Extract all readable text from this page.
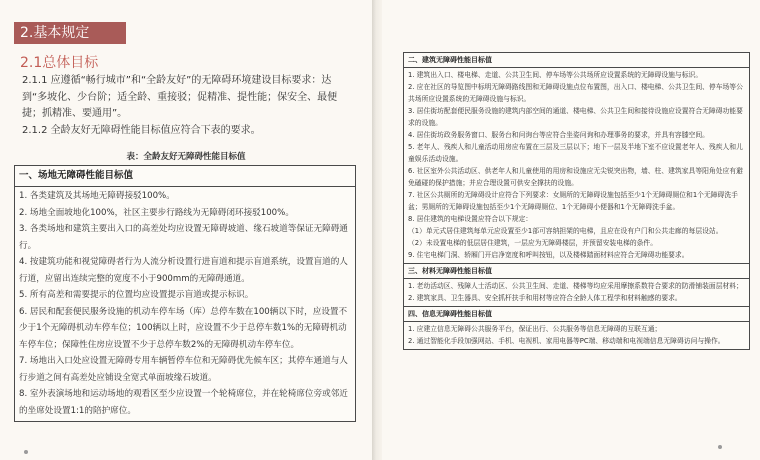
2.基本规定
2.1总体目标
2.1.1 应遵循“畅行城市”和“全龄友好”的无障碍环境建设目标要求：达到“多坡化、少台阶；适全龄、重接驳；促精准、提性能；保安全、最便捷；抓精准、要通用”。
2.1.2 全龄友好无障碍性能目标值应符合下表的要求。
表：全龄友好无障碍性能目标值
一、场地无障碍性能目标值

1. 各类建筑及其场地无障碍接驳100%。

2. 场地全面坡地化100%，社区主要步行路线为无障碍闭环接驳100%。

3. 各类场地和建筑主要出入口的高差处均应设置无障碍坡道、缘石坡道等保证无障碍通行。

4. 按建筑功能和视觉障碍者行为人流分析设置行进盲道和提示盲道系统，设置盲道的人行道，应留出连续完整的宽度不小于900mm的无障碍通道。

5. 所有高差和需要提示的位置均应设置提示盲道或提示标识。

6. 居民和配套便民服务设施的机动车停车场（库）总停车数在100辆以下时，应设置不少于1个无障碍机动车停车位；100辆以上时，应设置不少于总停车数1%的无障碍机动车停车位；保障性住房应设置不少于总停车数2%的无障碍机动车停车位。

7. 场地出入口处应设置无障碍专用车辆暂停车位和无障碍优先候车区；其停车通道与人行步道之间有高差处应铺设全宽式单面坡缘石坡道。

8. 室外表演场地和运动场地的观看区至少应设置一个轮椅席位，并在轮椅席位旁或邻近的坐席处设置1:1的陪护席位。

二、建筑无障碍性能目标值

1. 建筑出入口、楼电梯、走道、公共卫生间、停车场等公共场所应设置系统的无障碍设施与标识。

2. 应在社区的导览图中标明无障碍路线图和无障碍设施点位布置图，出入口、楼电梯、公共卫生间、停车场等公共场所应设置系统的无障碍设施与标识。

3. 居住街坊配套便民服务设施的建筑内部空间的通道、楼电梯、公共卫生间和接待设施应设置符合无障碍功能要求的设施。

4. 居住街坊政务服务窗口、服务台和问询台等应符合坐姿问询和办理事务的要求，并具有容膝空间。

5. 老年人、残疾人和儿童活动用房应布置在三层及三层以下；地下一层及半地下室不应设置老年人、残疾人和儿童娱乐活动设施。

6. 社区室外公共活动区、供老年人和儿童使用的用房和设施应无尖锐突出物，墙、柱、建筑家具等阳角处应有避免磕碰的保护措施；并应合理设置可供安全撑扶的设施。

7. 社区公共厕所的无障碍设计应符合下列要求：女厕所的无障碍设施包括至少1个无障碍厕位和1个无障碍洗手盆；男厕所的无障碍设施包括至少1个无障碍厕位、1个无障碍小便器和1个无障碍洗手盆。

8. 居住建筑的电梯设置应符合以下规定：

（1）单元式居住建筑每单元应设置至少1部可容纳担架的电梯，且应在设有户门和公共走廊的每层设站。

（2）未设置电梯的低层居住建筑，一层应为无障碍楼层，并预留安装电梯的条件。

9. 住宅电梯门洞、轿厢门开启净宽度和呼叫按钮，以及楼梯踏面材料应符合无障碍功能要求。

三、材料无障碍性能目标值

1. 老幼活动区、残障人士活动区、公共卫生间、走道、楼梯等均应采用摩擦系数符合要求的防滑铺装面层材料；

2. 建筑家具、卫生器具、安全抓杆扶手和用材等应符合全龄人体工程学和材料触感的要求。

四、信息无障碍性能目标值

1. 应建立信息无障碍公共服务平台，保证出行、公共服务等信息无障碍的互联互通；

2. 通过智能化手段加强网站、手机、电视机、家用电器等PC端、移动端和电视端信息无障碍访问与操作。
